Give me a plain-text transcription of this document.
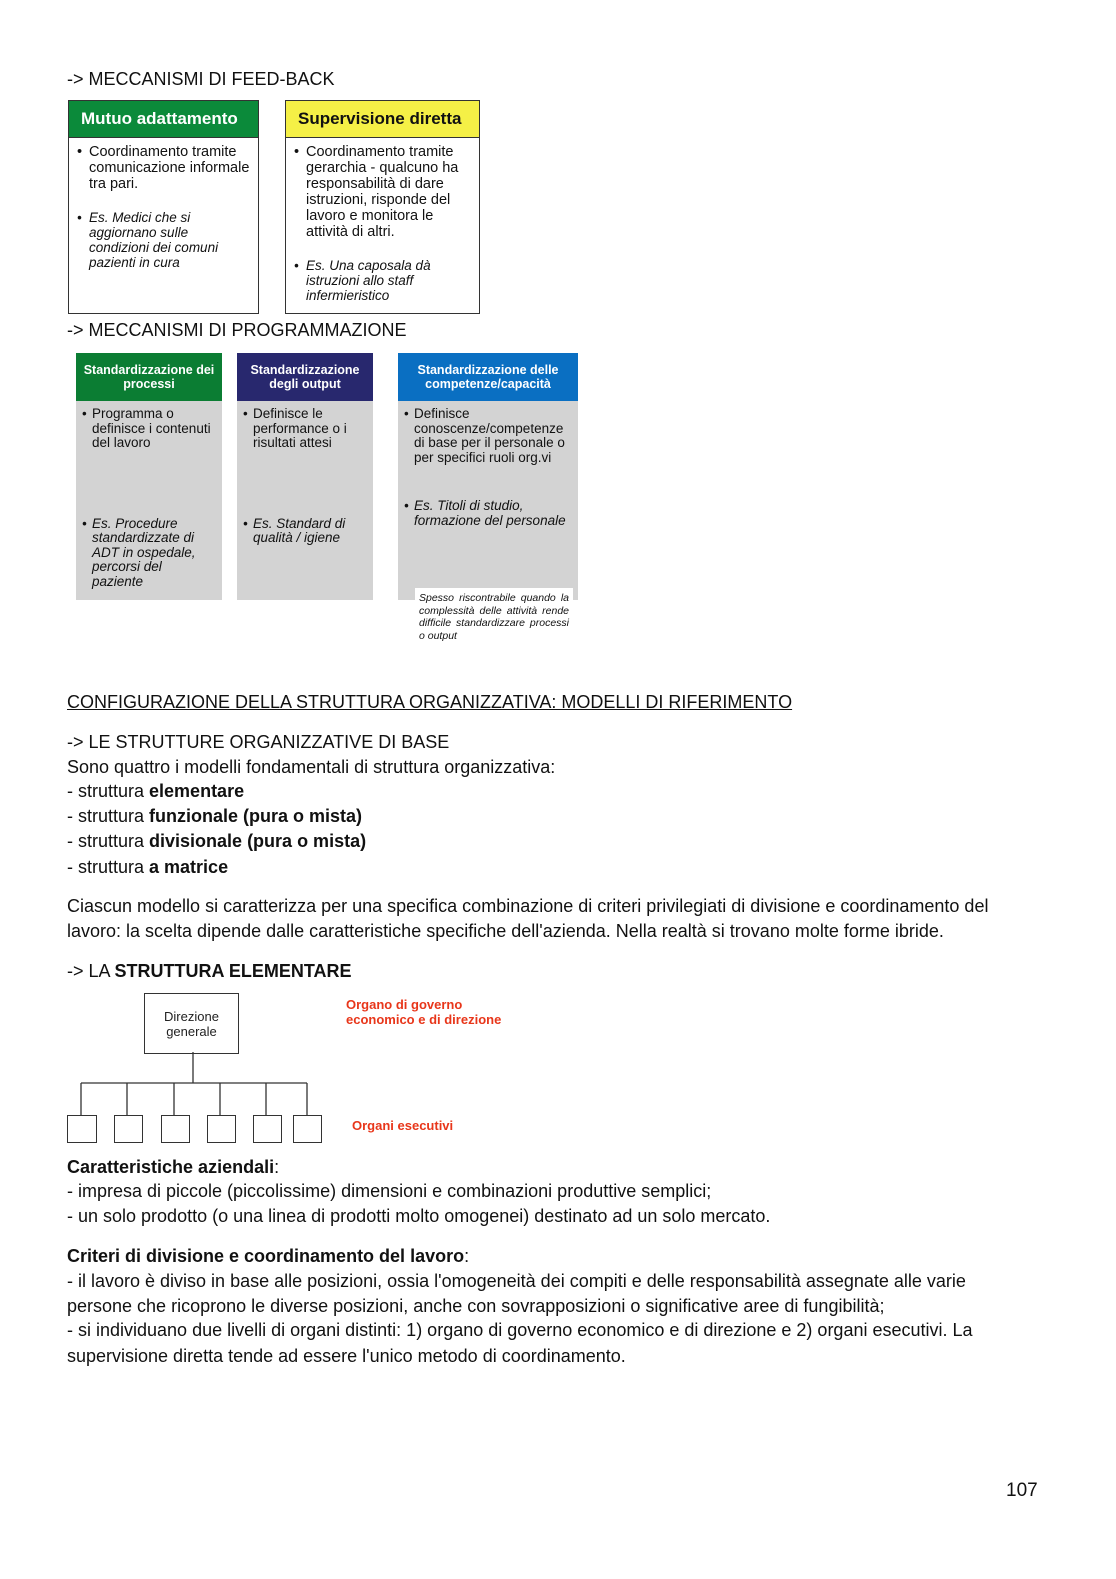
-> MECCANISMI DI FEED-BACK
Mutuo adattamento
• Coordinamento tramite comunicazione informale tra pari.
• Es. Medici che si aggiornano sulle condizioni dei comuni pazienti in cura
Supervisione diretta
• Coordinamento tramite gerarchia - qualcuno ha responsabilità di dare istruzioni, risponde del lavoro e monitora le attività di altri.
• Es. Una caposala dà istruzioni allo staff infermieristico
-> MECCANISMI DI PROGRAMMAZIONE
Standardizzazione dei processi
• Programma o definisce i contenuti del lavoro
• Es. Procedure standardizzate di ADT in ospedale, percorsi del paziente
Standardizzazione degli output
• Definisce le performance o i risultati attesi
• Es. Standard di qualità / igiene
Standardizzazione delle competenze/capacità
• Definisce conoscenze/competenze di base per il personale o per specifici ruoli org.vi
• Es. Titoli di studio, formazione del personale
Spesso riscontrabile quando la complessità delle attività rende difficile standardizzare processi o output
CONFIGURAZIONE DELLA STRUTTURA ORGANIZZATIVA: MODELLI DI RIFERIMENTO
-> LE STRUTTURE ORGANIZZATIVE DI BASE
Sono quattro i modelli fondamentali di struttura organizzativa:
- struttura elementare
- struttura funzionale (pura o mista)
- struttura divisionale (pura o mista)
- struttura a matrice
Ciascun modello si caratterizza per una specifica combinazione di criteri privilegiati di divisione e coordinamento del
lavoro: la scelta dipende dalle caratteristiche specifiche dell'azienda. Nella realtà si trovano molte forme ibride.
-> LA STRUTTURA ELEMENTARE
Direzione
generale
Organo di governo
economico e di direzione
Organi esecutivi
Caratteristiche aziendali:
- impresa di piccole (piccolissime) dimensioni e combinazioni produttive semplici;
- un solo prodotto (o una linea di prodotti molto omogenei) destinato ad un solo mercato.
Criteri di divisione e coordinamento del lavoro:
- il lavoro è diviso in base alle posizioni, ossia l'omogeneità dei compiti e delle responsabilità assegnate alle varie
persone che ricoprono le diverse posizioni, anche con sovrapposizioni o significative aree di fungibilità;
- si individuano due livelli di organi distinti: 1) organo di governo economico e di direzione e 2) organi esecutivi. La
supervisione diretta tende ad essere l'unico metodo di coordinamento.
107
